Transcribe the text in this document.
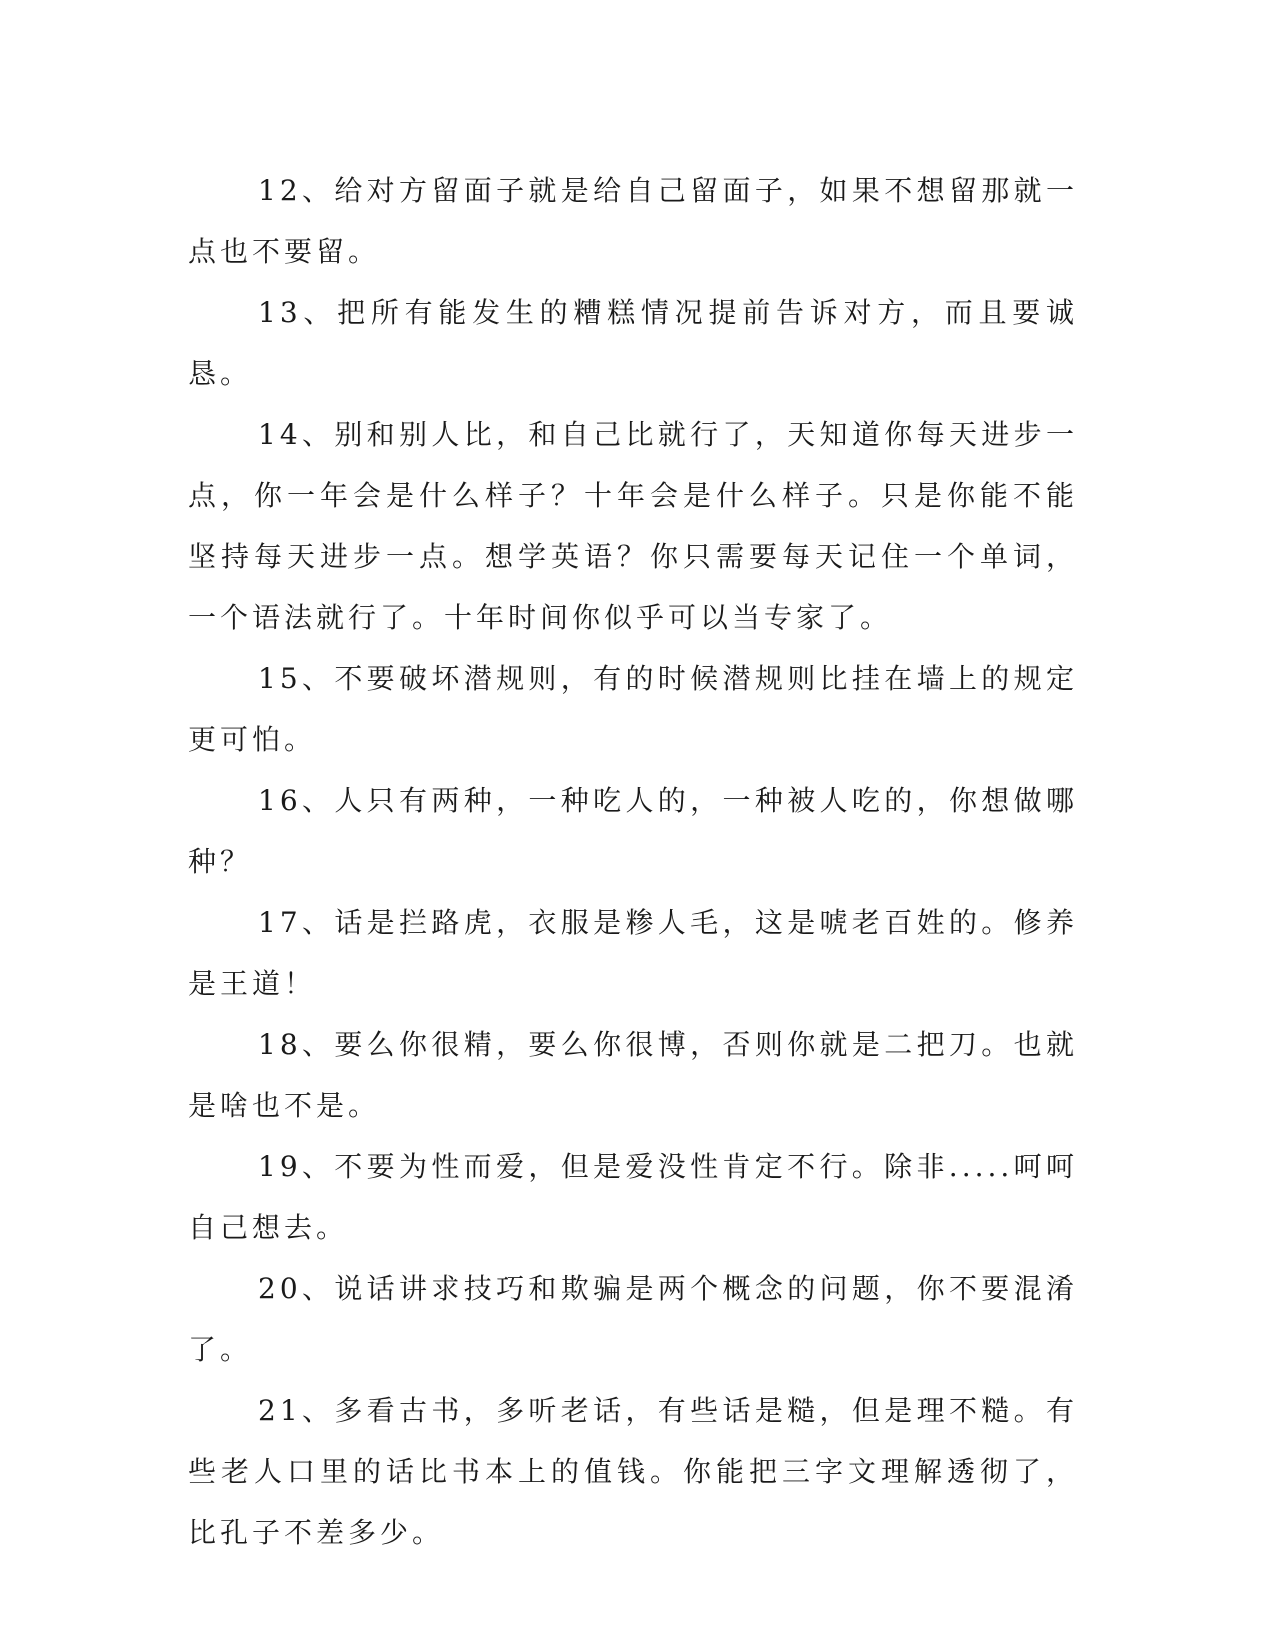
12、给对方留面子就是给自己留面子，如果不想留那就一点也不要留。

13、把所有能发生的糟糕情况提前告诉对方，而且要诚恳。

14、别和别人比，和自己比就行了，天知道你每天进步一点，你一年会是什么样子？十年会是什么样子。只是你能不能坚持每天进步一点。想学英语？你只需要每天记住一个单词，一个语法就行了。十年时间你似乎可以当专家了。

15、不要破坏潜规则，有的时候潜规则比挂在墙上的规定更可怕。

16、人只有两种，一种吃人的，一种被人吃的，你想做哪种？

17、话是拦路虎，衣服是糁人毛，这是唬老百姓的。修养是王道！

18、要么你很精，要么你很博，否则你就是二把刀。也就是啥也不是。

19、不要为性而爱，但是爱没性肯定不行。除非.....呵呵自己想去。

20、说话讲求技巧和欺骗是两个概念的问题，你不要混淆了。

21、多看古书，多听老话，有些话是糙，但是理不糙。有些老人口里的话比书本上的值钱。你能把三字文理解透彻了，比孔子不差多少。
